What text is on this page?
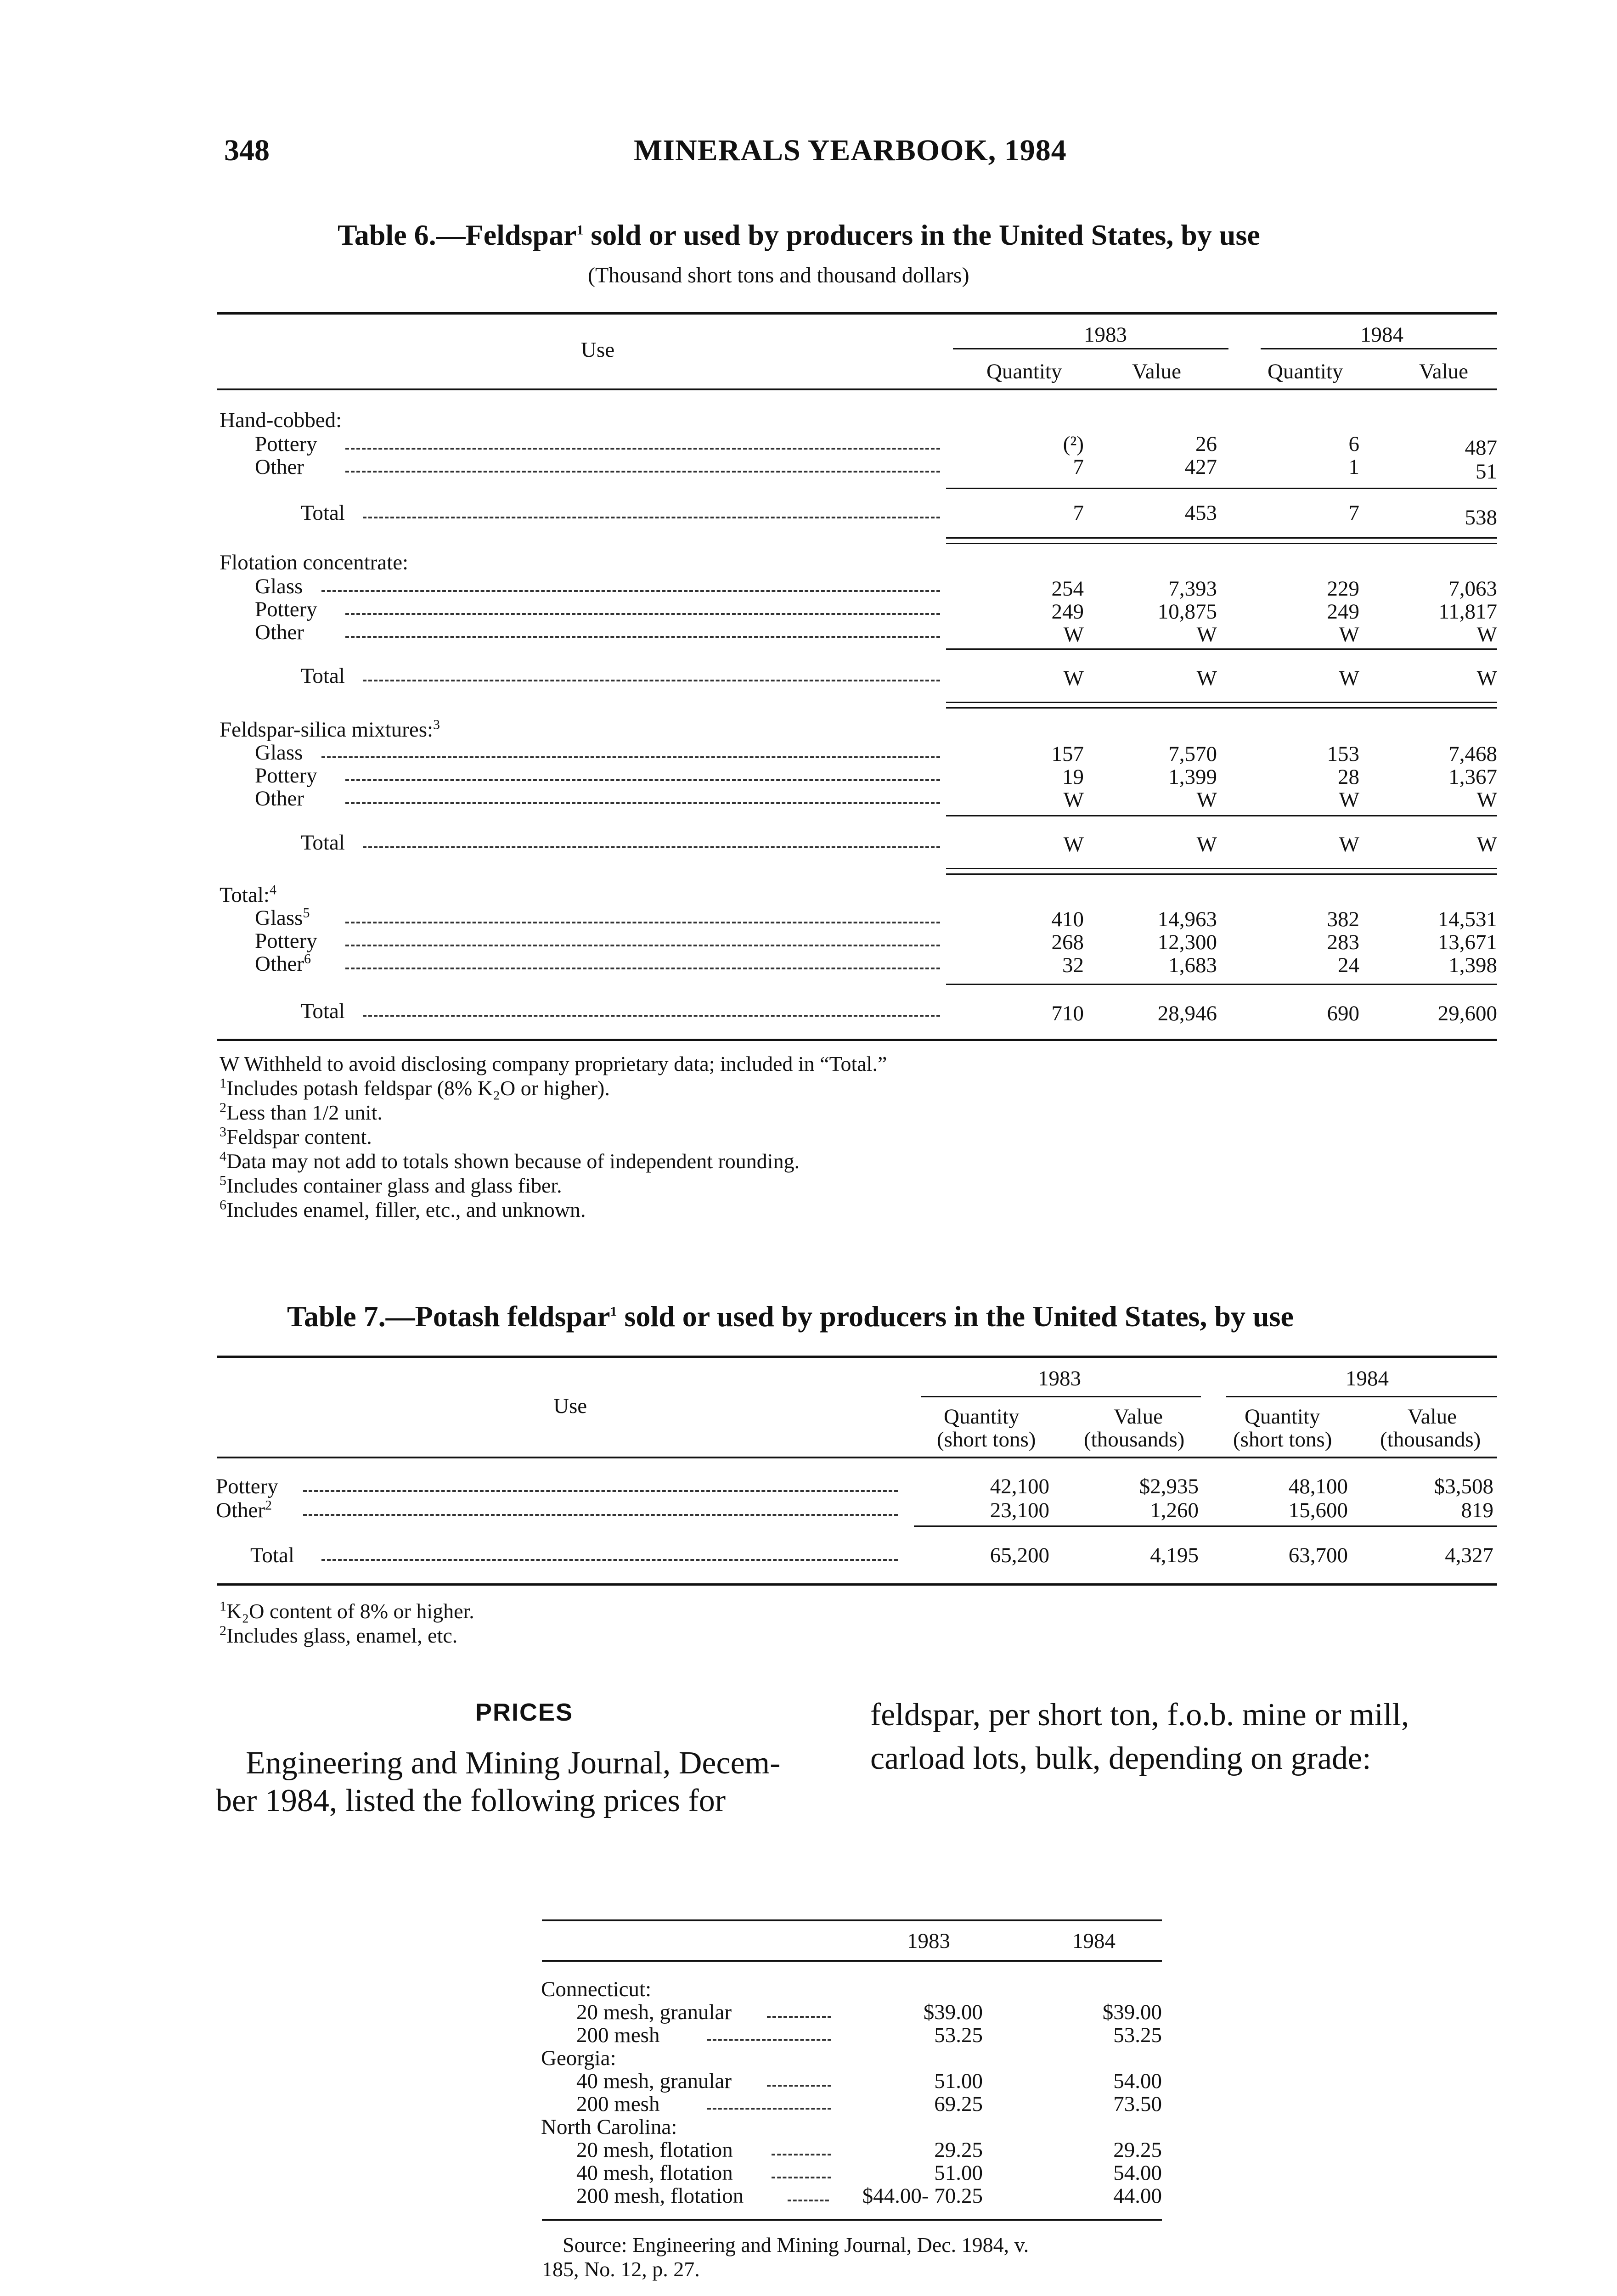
348	MINERALS YEARBOOK, 1984
Table 6.—Feldspar$^1$ sold or used by producers in the United States, by use
(Thousand short tons and thousand dollars)
Use
1983	1984
Quantity	Value	Quantity	Value
Hand-cobbed:
Pottery	(²)	26	6	487
Other	7	427	1	51
Total	7	453	7	538
Flotation concentrate:
Glass	254	7,393	229	7,063
Pottery	249	10,875	249	11,817
Other	W	W	W	W
Total	W	W	W	W
Feldspar-silica mixtures:$^3$
Glass	157	7,570	153	7,468
Pottery	19	1,399	28	1,367
Other	W	W	W	W
Total	W	W	W	W
Total:$^4$
Glass$^5$	410	14,963	382	14,531
Pottery	268	12,300	283	13,671
Other$^6$	32	1,683	24	1,398
Total	710	28,946	690	29,600
W Withheld to avoid disclosing company proprietary data; included in “Total.”
$^1$Includes potash feldspar (8% K₂O or higher).
$^2$Less than 1/2 unit.
$^3$Feldspar content.
$^4$Data may not add to totals shown because of independent rounding.
$^5$Includes container glass and glass fiber.
$^6$Includes enamel, filler, etc., and unknown.
Table 7.—Potash feldspar$^1$ sold or used by producers in the United States, by use
Use
1983	1984
Quantity
(short tons)
Value
(thousands)
Quantity
(short tons)
Value
(thousands)
Pottery	42,100	$2,935	48,100	$3,508
Other$^2$	23,100	1,260	15,600	819
Total	65,200	4,195	63,700	4,327
$^1$K₂O content of 8% or higher.
$^2$Includes glass, enamel, etc.
PRICES
Engineering and Mining Journal, Decem-
ber 1984, listed the following prices for
feldspar, per short ton, f.o.b. mine or mill,
carload lots, bulk, depending on grade:
1983	1984
Connecticut:
20 mesh, granular	$39.00	$39.00
200 mesh	53.25	53.25
Georgia:
40 mesh, granular	51.00	54.00
200 mesh	69.25	73.50
North Carolina:
20 mesh, flotation	29.25	29.25
40 mesh, flotation	51.00	54.00
200 mesh, flotation	$44.00- 70.25	44.00
Source: Engineering and Mining Journal, Dec. 1984, v.
185, No. 12, p. 27.
